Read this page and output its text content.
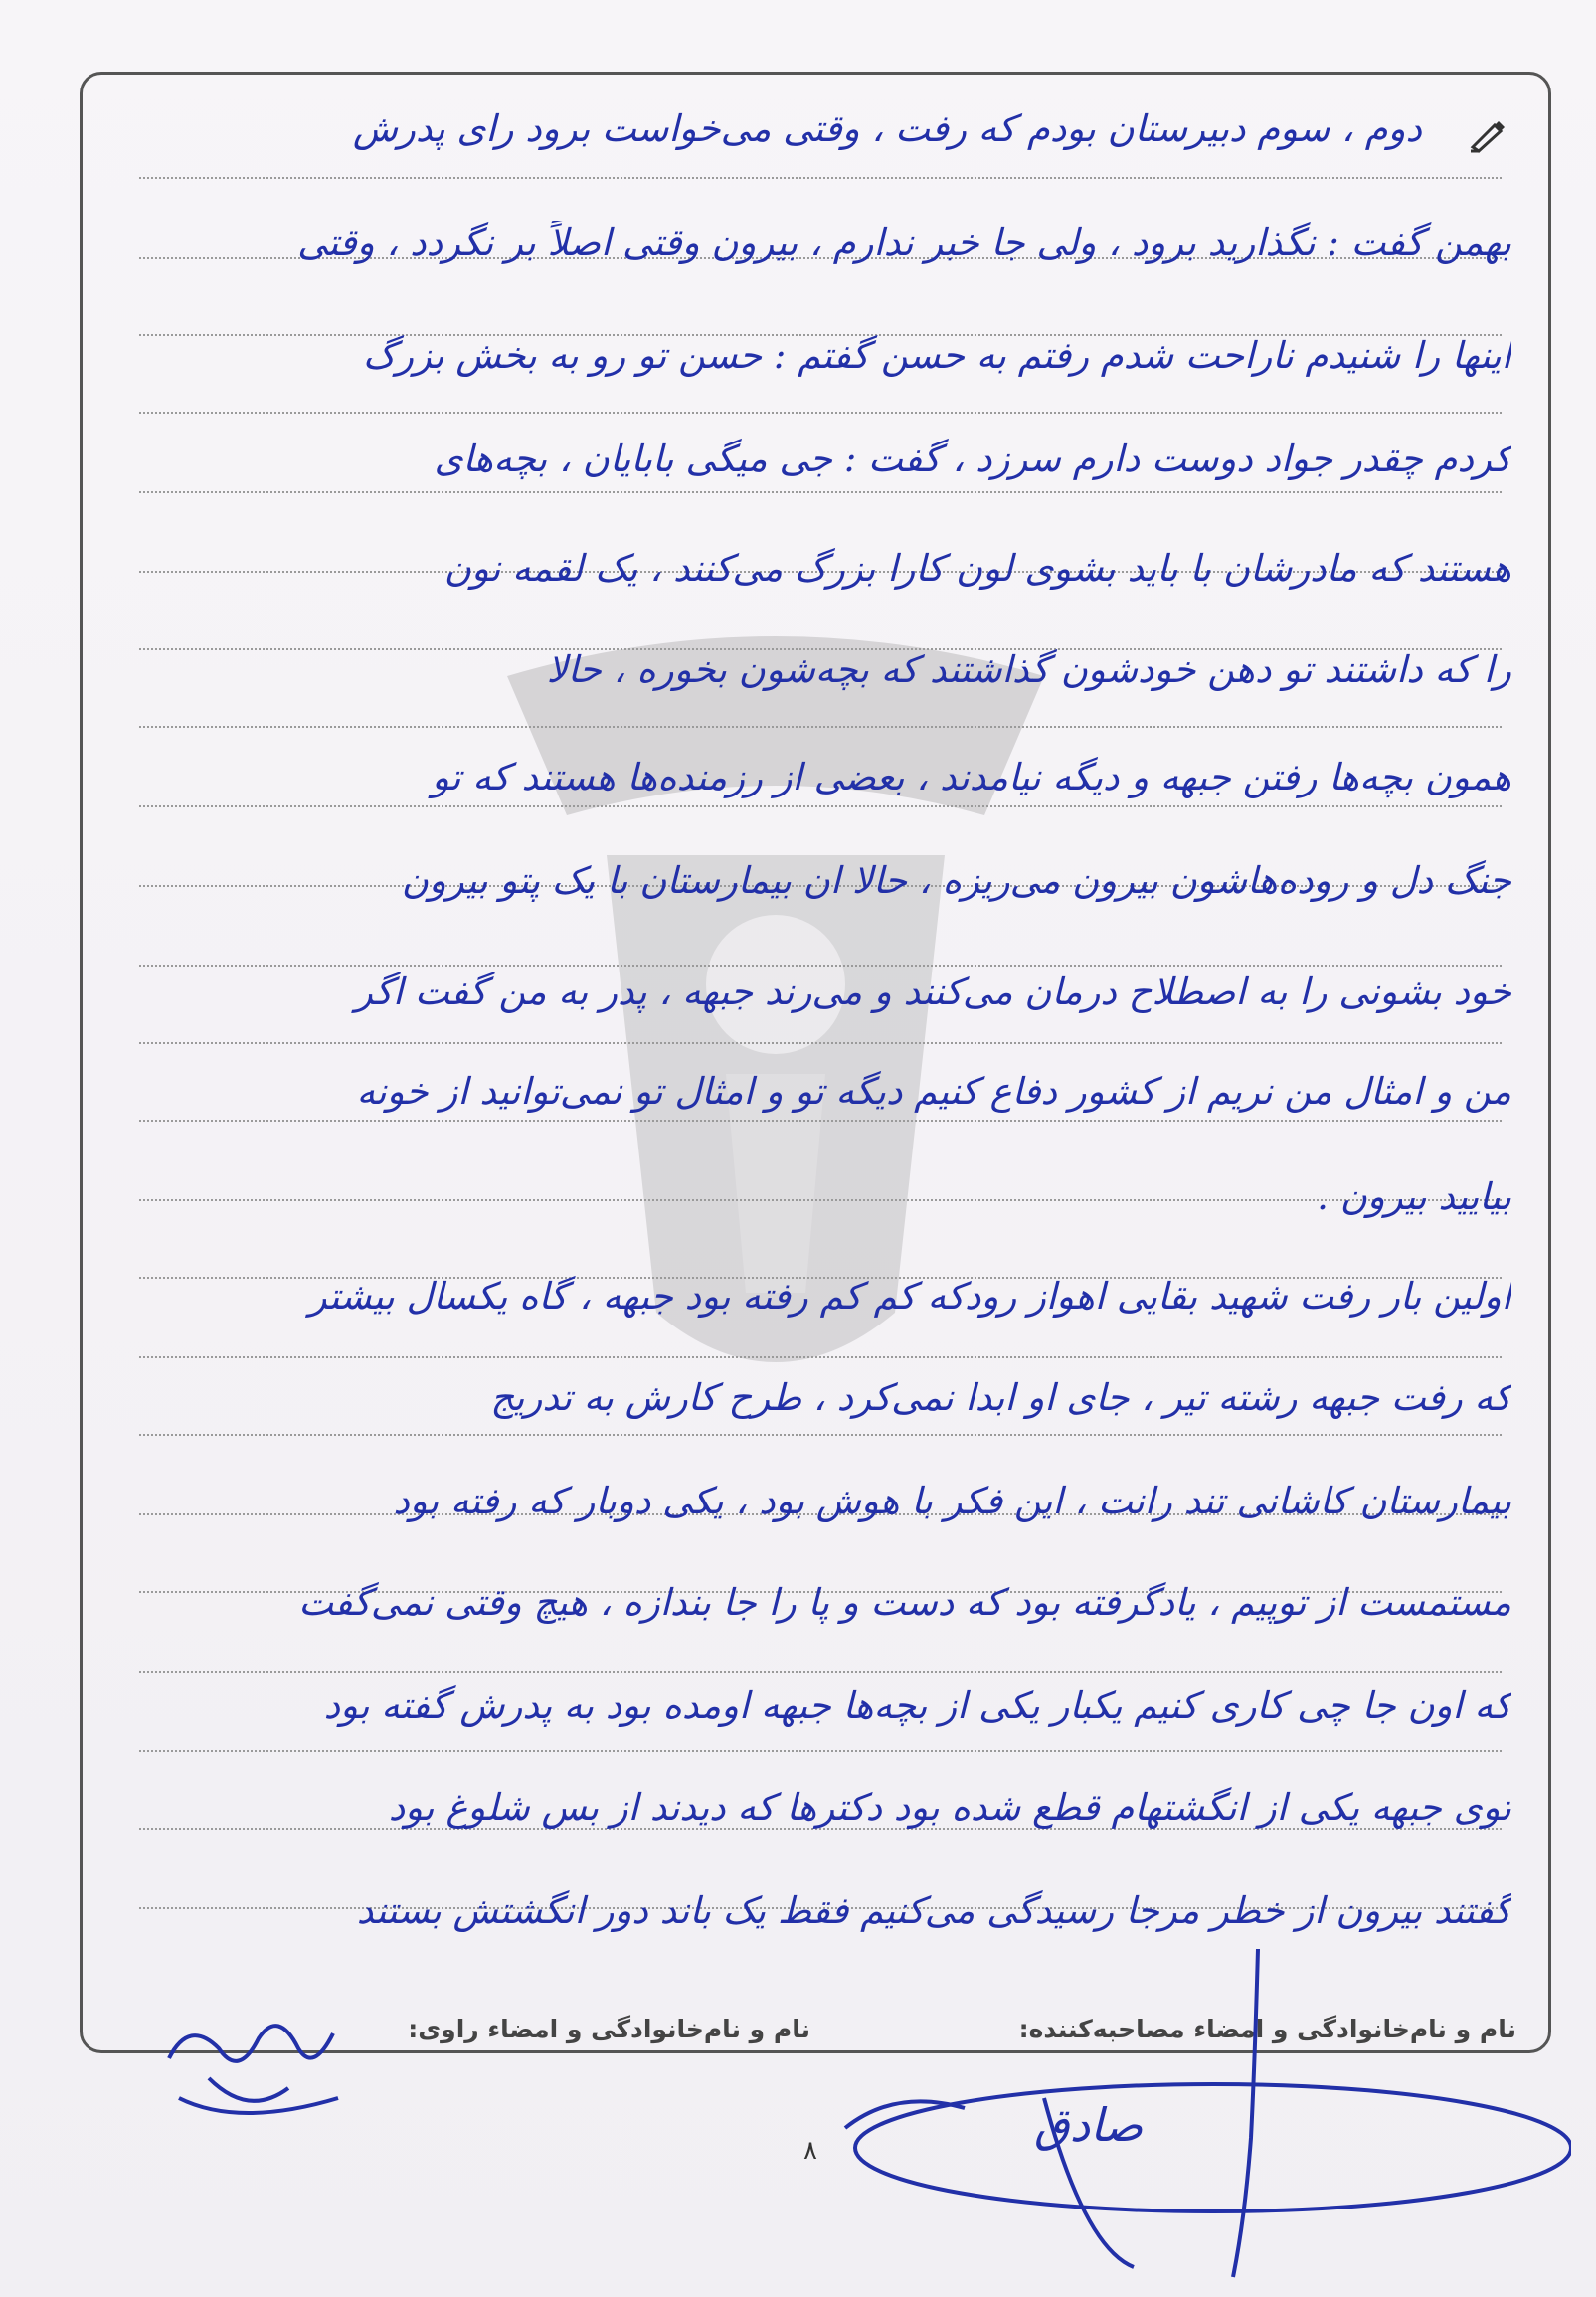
دوم ، سوم دبیرستان بودم که رفت ، وقتی می‌خواست برود رای پدرش
بهمن گفت : نگذارید برود ، ولی جا خبر ندارم ، بیرون وقتی اصلاً بر نگردد ، وقتی
اینها را شنیدم ناراحت شدم رفتم به حسن گفتم : حسن تو رو به بخش بزرگ
کردم چقدر جواد دوست دارم سرزد ، گفت : جی میگی بابایان ، بچه‌های
هستند که مادرشان با باید بشوی لون کارا بزرگ می‌کنند ، یک لقمه نون
را که داشتند تو دهن خودشون گذاشتند که بچه‌شون بخوره ، حالا
همون بچه‌ها رفتن جبهه و دیگه نیامدند ، بعضی از رزمنده‌ها هستند که تو
جنگ دل و روده‌هاشون بیرون می‌ریزه ، حالا ان بیمارستان با یک پتو بیرون
خود بشونی را به اصطلاح درمان می‌کنند و می‌رند جبهه ، پدر به من گفت اگر
من و امثال من نریم از کشور دفاع کنیم دیگه تو و امثال تو نمی‌توانید از خونه
بیایید بیرون .
اولین بار رفت شهید بقایی اهواز رودکه کم کم رفته بود جبهه ، گاه یکسال بیشتر
که رفت جبهه رشته تیر ، جای او ابدا نمی‌کرد ، طرح کارش به تدریج
بیمارستان کاشانی تند رانت ، این فکر با هوش بود ، یکی دوبار که رفته بود
مستمست از توپیم ، یادگرفته بود که دست و پا را جا بندازه ، هیچ وقتی نمی‌گفت
که اون جا چی کاری کنیم یکبار یکی از بچه‌ها جبهه اومده بود به پدرش گفته بود
توی جبهه یکی از انگشتهام قطع شده بود دکترها که دیدند از بس شلوغ بود
گفتند بیرون از خطر مرجا رسیدگی می‌کنیم فقط یک باند دور انگشتش بستند
نام و نام‌خانوادگی و امضاء مصاحبه‌کننده:
نام و نام‌خانوادگی و امضاء راوی:
صادق
۸
